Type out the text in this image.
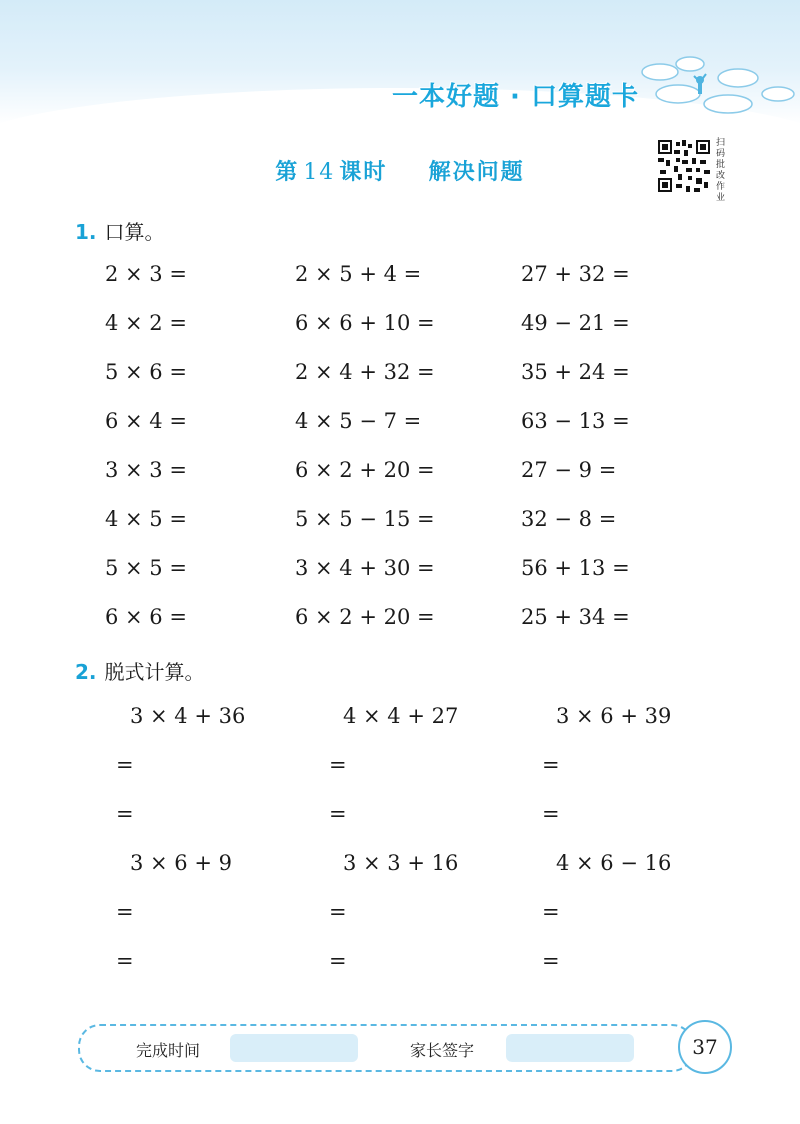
一本好题 · 口算题卡
第 14 课时 解决问题
扫
码
批
改
作
业
1. 口算。
2 × 3 =	2 × 5 + 4 =	27 + 32 =
4 × 2 =	6 × 6 + 10 =	49 − 21 =
5 × 6 =	2 × 4 + 32 =	35 + 24 =
6 × 4 =	4 × 5 − 7 =	63 − 13 =
3 × 3 =	6 × 2 + 20 =	27 − 9 =
4 × 5 =	5 × 5 − 15 =	32 − 8 =
5 × 5 =	3 × 4 + 30 =	56 + 13 =
6 × 6 =	6 × 2 + 20 =	25 + 34 =
2. 脱式计算。
3 × 4 + 36	4 × 4 + 27	3 × 6 + 39
=	=	=
=	=	=
3 × 6 + 9	3 × 3 + 16	4 × 6 − 16
=	=	=
=	=	=
完成时间	家长签字	37
